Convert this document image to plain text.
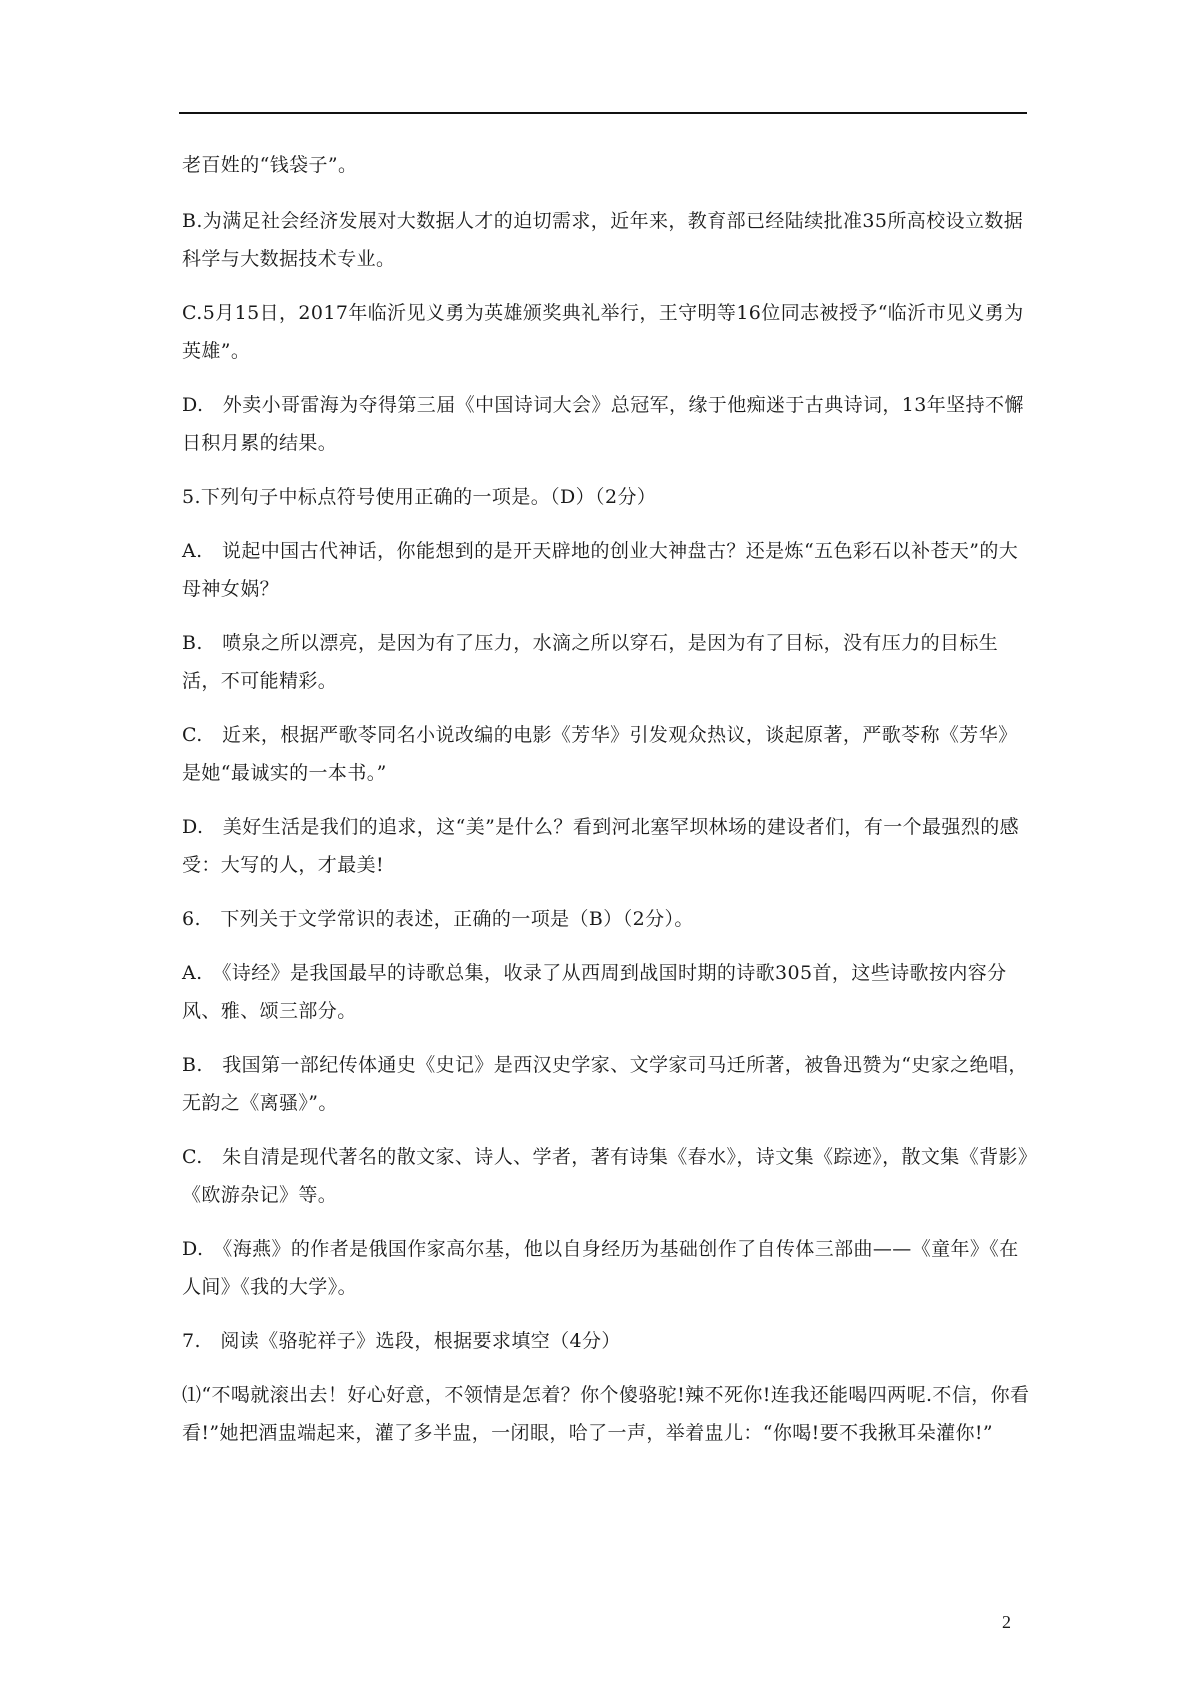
老百姓的“钱袋子”。

B.为满足社会经济发展对大数据人才的迫切需求，近年来，教育部已经陆续批准35所高校设立数据科学与大数据技术专业。

C.5月15日，2017年临沂见义勇为英雄颁奖典礼举行，王守明等16位同志被授予“临沂市见义勇为英雄”。

D.　外卖小哥雷海为夺得第三届《中国诗词大会》总冠军，缘于他痴迷于古典诗词，13年坚持不懈日积月累的结果。

5.下列句子中标点符号使用正确的一项是。（D）（2分）

A.　说起中国古代神话，你能想到的是开天辟地的创业大神盘古？还是炼“五色彩石以补苍天”的大母神女娲？

B.　喷泉之所以漂亮，是因为有了压力，水滴之所以穿石，是因为有了目标，没有压力的目标生活，不可能精彩。

C.　近来，根据严歌苓同名小说改编的电影《芳华》引发观众热议，谈起原著，严歌苓称《芳华》是她“最诚实的一本书。”

D.　美好生活是我们的追求，这“美”是什么？看到河北塞罕坝林场的建设者们，有一个最强烈的感受：大写的人，才最美!

6.　下列关于文学常识的表述，正确的一项是（B）（2分）。

A.　《诗经》是我国最早的诗歌总集，收录了从西周到战国时期的诗歌305首，这些诗歌按内容分风、雅、颂三部分。

B.　我国第一部纪传体通史《史记》是西汉史学家、文学家司马迁所著，被鲁迅赞为“史家之绝唱，无韵之《离骚》”。

C.　朱自清是现代著名的散文家、诗人、学者，著有诗集《春水》，诗文集《踪迹》，散文集《背影》《欧游杂记》等。

D.　《海燕》的作者是俄国作家高尔基，他以自身经历为基础创作了自传体三部曲——《童年》《在人间》《我的大学》。

7.　阅读《骆驼祥子》选段，根据要求填空（4分）

⑴“不喝就滚出去！好心好意，不领情是怎着？你个傻骆驼!辣不死你!连我还能喝四两呢.不信，你看看!”她把酒盅端起来，灌了多半盅，一闭眼，哈了一声，举着盅儿：“你喝!要不我揪耳朵灌你!”

2
